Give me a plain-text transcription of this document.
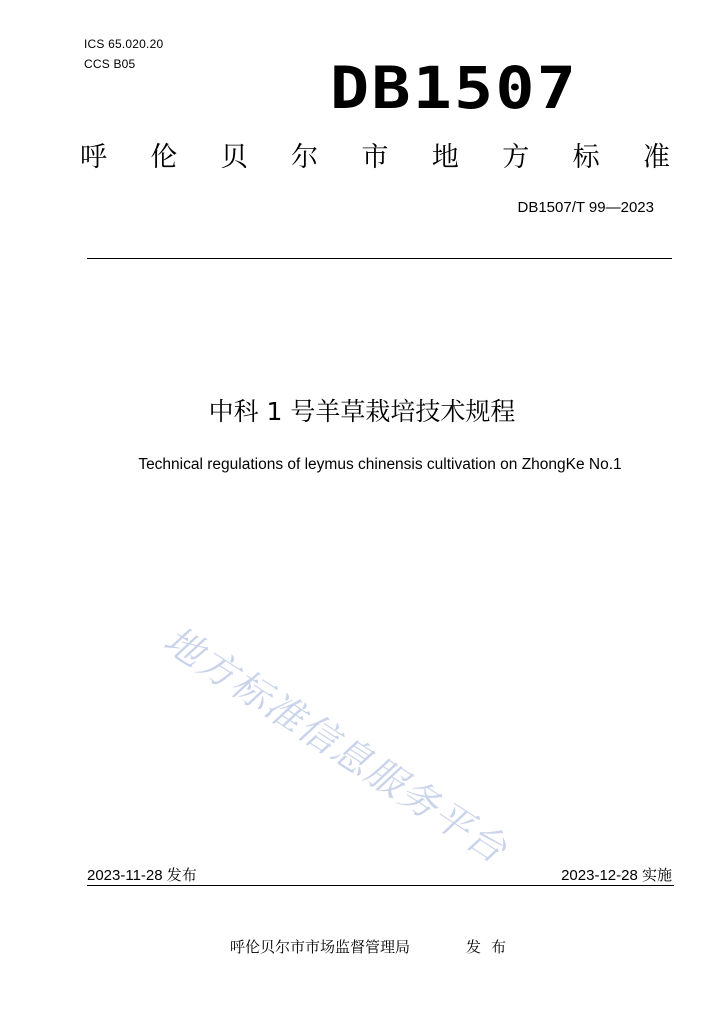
ICS 65.020.20
CCS B05	DB1507
呼 伦 贝 尔 市 地 方 标 准
DB1507/T 99—2023
中科 1 号羊草栽培技术规程
Technical regulations of leymus chinensis cultivation on ZhongKe No.1
地方标准信息服务平台
2023-11-28 发布	2023-12-28 实施
呼伦贝尔市市场监督管理局	发布
